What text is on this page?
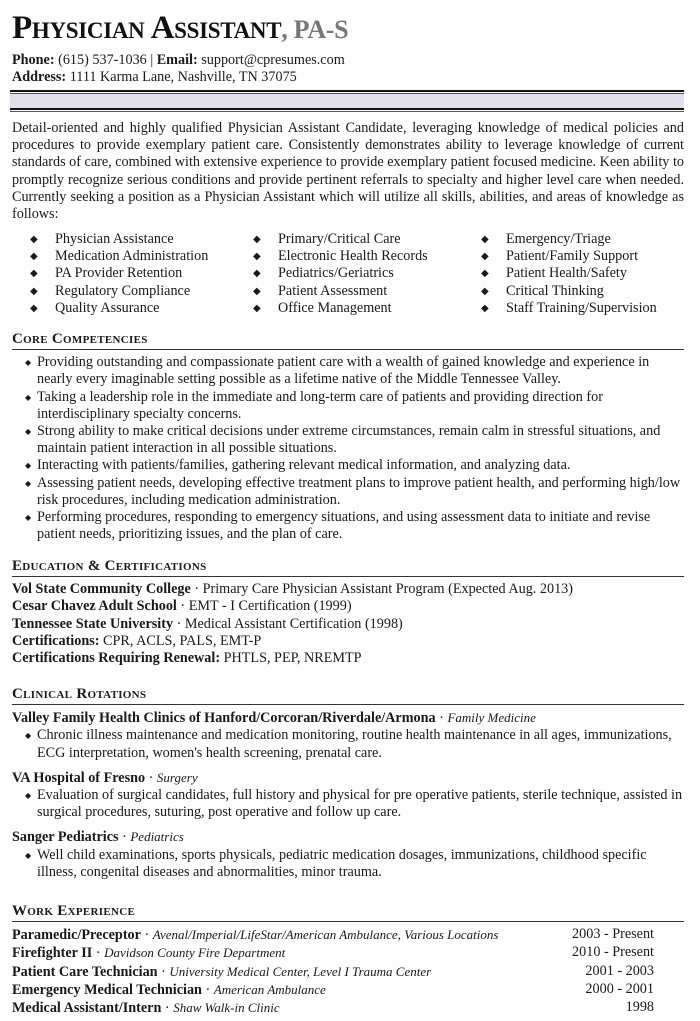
Physician Assistant, PA-S
Phone: (615) 537-1036 | Email: support@cpresumes.com
Address: 1111 Karma Lane, Nashville, TN 37075
Detail-oriented and highly qualified Physician Assistant Candidate, leveraging knowledge of medical policies and procedures to provide exemplary patient care. Consistently demonstrates ability to leverage knowledge of current standards of care, combined with extensive experience to provide exemplary patient focused medicine. Keen ability to promptly recognize serious conditions and provide pertinent referrals to specialty and higher level care when needed. Currently seeking a position as a Physician Assistant which will utilize all skills, abilities, and areas of knowledge as follows:
◆	Physician Assistance	◆	Primary/Critical Care	◆	Emergency/Triage
◆	Medication Administration	◆	Electronic Health Records	◆	Patient/Family Support
◆	PA Provider Retention	◆	Pediatrics/Geriatrics	◆	Patient Health/Safety
◆	Regulatory Compliance	◆	Patient Assessment	◆	Critical Thinking
◆	Quality Assurance	◆	Office Management	◆	Staff Training/Supervision
Core Competencies
◆ Providing outstanding and compassionate patient care with a wealth of gained knowledge and experience in nearly every imaginable setting possible as a lifetime native of the Middle Tennessee Valley.
◆ Taking a leadership role in the immediate and long-term care of patients and providing direction for interdisciplinary specialty concerns.
◆ Strong ability to make critical decisions under extreme circumstances, remain calm in stressful situations, and maintain patient interaction in all possible situations.
◆ Interacting with patients/families, gathering relevant medical information, and analyzing data.
◆ Assessing patient needs, developing effective treatment plans to improve patient health, and performing high/low risk procedures, including medication administration.
◆ Performing procedures, responding to emergency situations, and using assessment data to initiate and revise patient needs, prioritizing issues, and the plan of care.
Education & Certifications
Vol State Community College · Primary Care Physician Assistant Program (Expected Aug. 2013)
Cesar Chavez Adult School · EMT - I Certification (1999)
Tennessee State University · Medical Assistant Certification (1998)
Certifications: CPR, ACLS, PALS, EMT-P
Certifications Requiring Renewal: PHTLS, PEP, NREMTP
Clinical Rotations
Valley Family Health Clinics of Hanford/Corcoran/Riverdale/Armona · Family Medicine
◆ Chronic illness maintenance and medication monitoring, routine health maintenance in all ages, immunizations, ECG interpretation, women's health screening, prenatal care.
VA Hospital of Fresno · Surgery
◆ Evaluation of surgical candidates, full history and physical for pre operative patients, sterile technique, assisted in surgical procedures, suturing, post operative and follow up care.
Sanger Pediatrics · Pediatrics
◆ Well child examinations, sports physicals, pediatric medication dosages, immunizations, childhood specific illness, congenital diseases and abnormalities, minor trauma.
Work Experience
Paramedic/Preceptor · Avenal/Imperial/LifeStar/American Ambulance, Various Locations	2003 - Present
Firefighter II · Davidson County Fire Department	2010 - Present
Patient Care Technician · University Medical Center, Level I Trauma Center	2001 - 2003
Emergency Medical Technician · American Ambulance	2000 - 2001
Medical Assistant/Intern · Shaw Walk-in Clinic	1998
